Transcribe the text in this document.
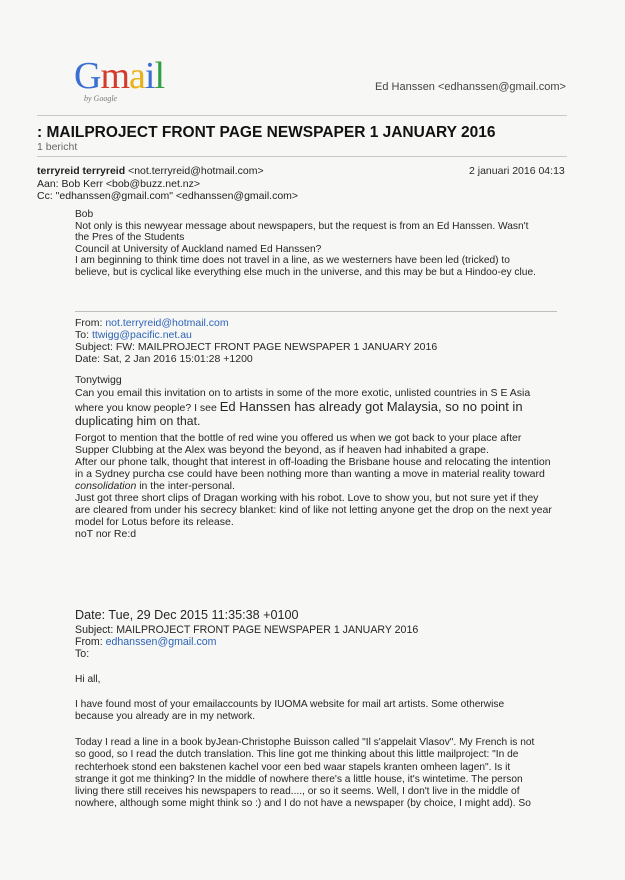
Gmail
by Google
Ed Hanssen <edhanssen@gmail.com>
: MAILPROJECT FRONT PAGE NEWSPAPER 1 JANUARY 2016
1 bericht
terryreid terryreid <not.terryreid@hotmail.com>	2 januari 2016 04:13
Aan: Bob Kerr <bob@buzz.net.nz>
Cc: "edhanssen@gmail.com" <edhanssen@gmail.com>

Bob

Not only is this newyear message about newspapers, but the request is from an Ed Hanssen. Wasn't

the Pres of the Students

Council at University of Auckland named Ed Hanssen?

I am beginning to think time does not travel in a line, as we westerners have been led (tricked) to

believe, but is cyclical like everything else much in the universe, and this may be but a Hindoo-ey clue.

From: not.terryreid@hotmail.com
To: ttwigg@pacific.net.au
Subject: FW: MAILPROJECT FRONT PAGE NEWSPAPER 1 JANUARY 2016
Date: Sat, 2 Jan 2016 15:01:28 +1200
Tonytwigg
Can you email this invitation on to artists in some of the more exotic, unlisted countries in S E Asia
where you know people? I see Ed Hanssen has already got Malaysia, so no point in
duplicating him on that.
Forgot to mention that the bottle of red wine you offered us when we got back to your place after
Supper Clubbing at the Alex was beyond the beyond, as if heaven had inhabited a grape.
After our phone talk, thought that interest in off-loading the Brisbane house and relocating the intention
in a Sydney purcha cse could have been nothing more than wanting a move in material reality toward
consolidation in the inter-personal.
Just got three short clips of Dragan working with his robot. Love to show you, but not sure yet if they
are cleared from under his secrecy blanket: kind of like not letting anyone get the drop on the next year
model for Lotus before its release.
noT nor Re:d
Date: Tue, 29 Dec 2015 11:35:38 +0100
Subject: MAILPROJECT FRONT PAGE NEWSPAPER 1 JANUARY 2016
From: edhanssen@gmail.com
To:
Hi all,
I have found most of your emailaccounts by IUOMA website for mail art artists. Some otherwise
because you already are in my network.
Today I read a line in a book byJean-Christophe Buisson called "Il s'appelait Vlasov". My French is not
so good, so I read the dutch translation. This line got me thinking about this little mailproject: "In de
rechterhoek stond een bakstenen kachel voor een bed waar stapels kranten omheen lagen". Is it
strange it got me thinking? In the middle of nowhere there's a little house, it's wintetime. The person
living there still receives his newspapers to read...., or so it seems. Well, I don't live in the middle of
nowhere, although some might think so :) and I do not have a newspaper (by choice, I might add). So
